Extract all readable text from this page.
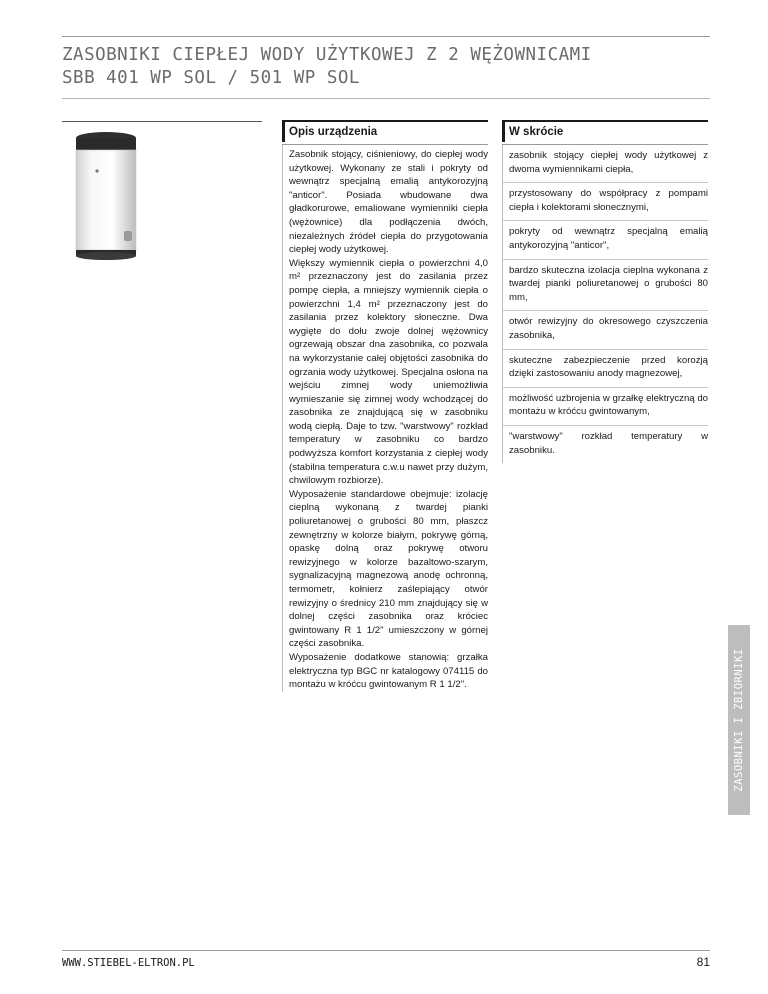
ZASOBNIKI CIEPŁEJ WODY UŻYTKOWEJ Z 2 WĘŻOWNICAMI
SBB 401 WP SOL / 501 WP SOL
Opis urządzenia

Zasobnik stojący, ciśnieniowy, do ciepłej wody użytkowej. Wykonany ze stali i pokryty od wewnątrz specjalną emalią antykorozyjną "anticor". Posiada wbudowane dwa gładkorurowe, emaliowane wymienniki ciepła (wężownice) dla podłączenia dwóch, niezależnych źródeł ciepła do przygotowania ciepłej wody użytkowej.

Większy wymiennik ciepła o powierzchni 4,0 m² przeznaczony jest do zasilania przez pompę ciepła, a mniejszy wymiennik ciepła o powierzchni 1,4 m² przeznaczony jest do zasilania przez kolektory słoneczne. Dwa wygięte do dołu zwoje dolnej wężownicy ogrzewają obszar dna zasobnika, co pozwala na wykorzystanie całej objętości zasobnika do ogrzania wody użytkowej. Specjalna osłona na wejściu zimnej wody uniemożliwia wymieszanie się zimnej wody wchodzącej do zasobnika ze znajdującą się w zasobniku wodą ciepłą. Daje to tzw. "warstwowy" rozkład temperatury w zasobniku co bardzo podwyższa komfort korzystania z ciepłej wody (stabilna temperatura c.w.u nawet przy dużym, chwilowym rozbiorze).

Wyposażenie standardowe obejmuje: izolację cieplną wykonaną z twardej pianki poliuretanowej o grubości 80 mm, płaszcz zewnętrzny w kolorze białym, pokrywę górną, opaskę dolną oraz pokrywę otworu rewizyjnego w kolorze bazaltowo-szarym, sygnalizacyjną magnezową anodę ochronną, termometr, kołnierz zaślepiający otwór rewizyjny o średnicy 210 mm znajdujący się w dolnej części zasobnika oraz króciec gwintowany R 1 1/2" umieszczony w górnej części zasobnika.

Wyposażenie dodatkowe stanowią: grzałka elektryczna typ BGC nr katalogowy 074115 do montażu w króćcu gwintowanym R 1 1/2".

W skrócie
zasobnik stojący ciepłej wody użytkowej z dwoma wymiennikami ciepła,
przystosowany do współpracy z pompami ciepła i kolektorami słonecznymi,
pokryty od wewnątrz specjalną emalią antykorozyjną "anticor",
bardzo skuteczna izolacja cieplna wykonana z twardej pianki poliuretanowej o grubości 80 mm,
otwór rewizyjny do okresowego czyszczenia zasobnika,
skuteczne zabezpieczenie przed korozją dzięki zastosowaniu anody magnezowej,
możliwość uzbrojenia w grzałkę elektryczną do montażu w króćcu gwintowanym,
"warstwowy" rozkład temperatury w zasobniku.
ZASOBNIKI I ZBIORNIKI
WWW.STIEBEL-ELTRON.PL	81
